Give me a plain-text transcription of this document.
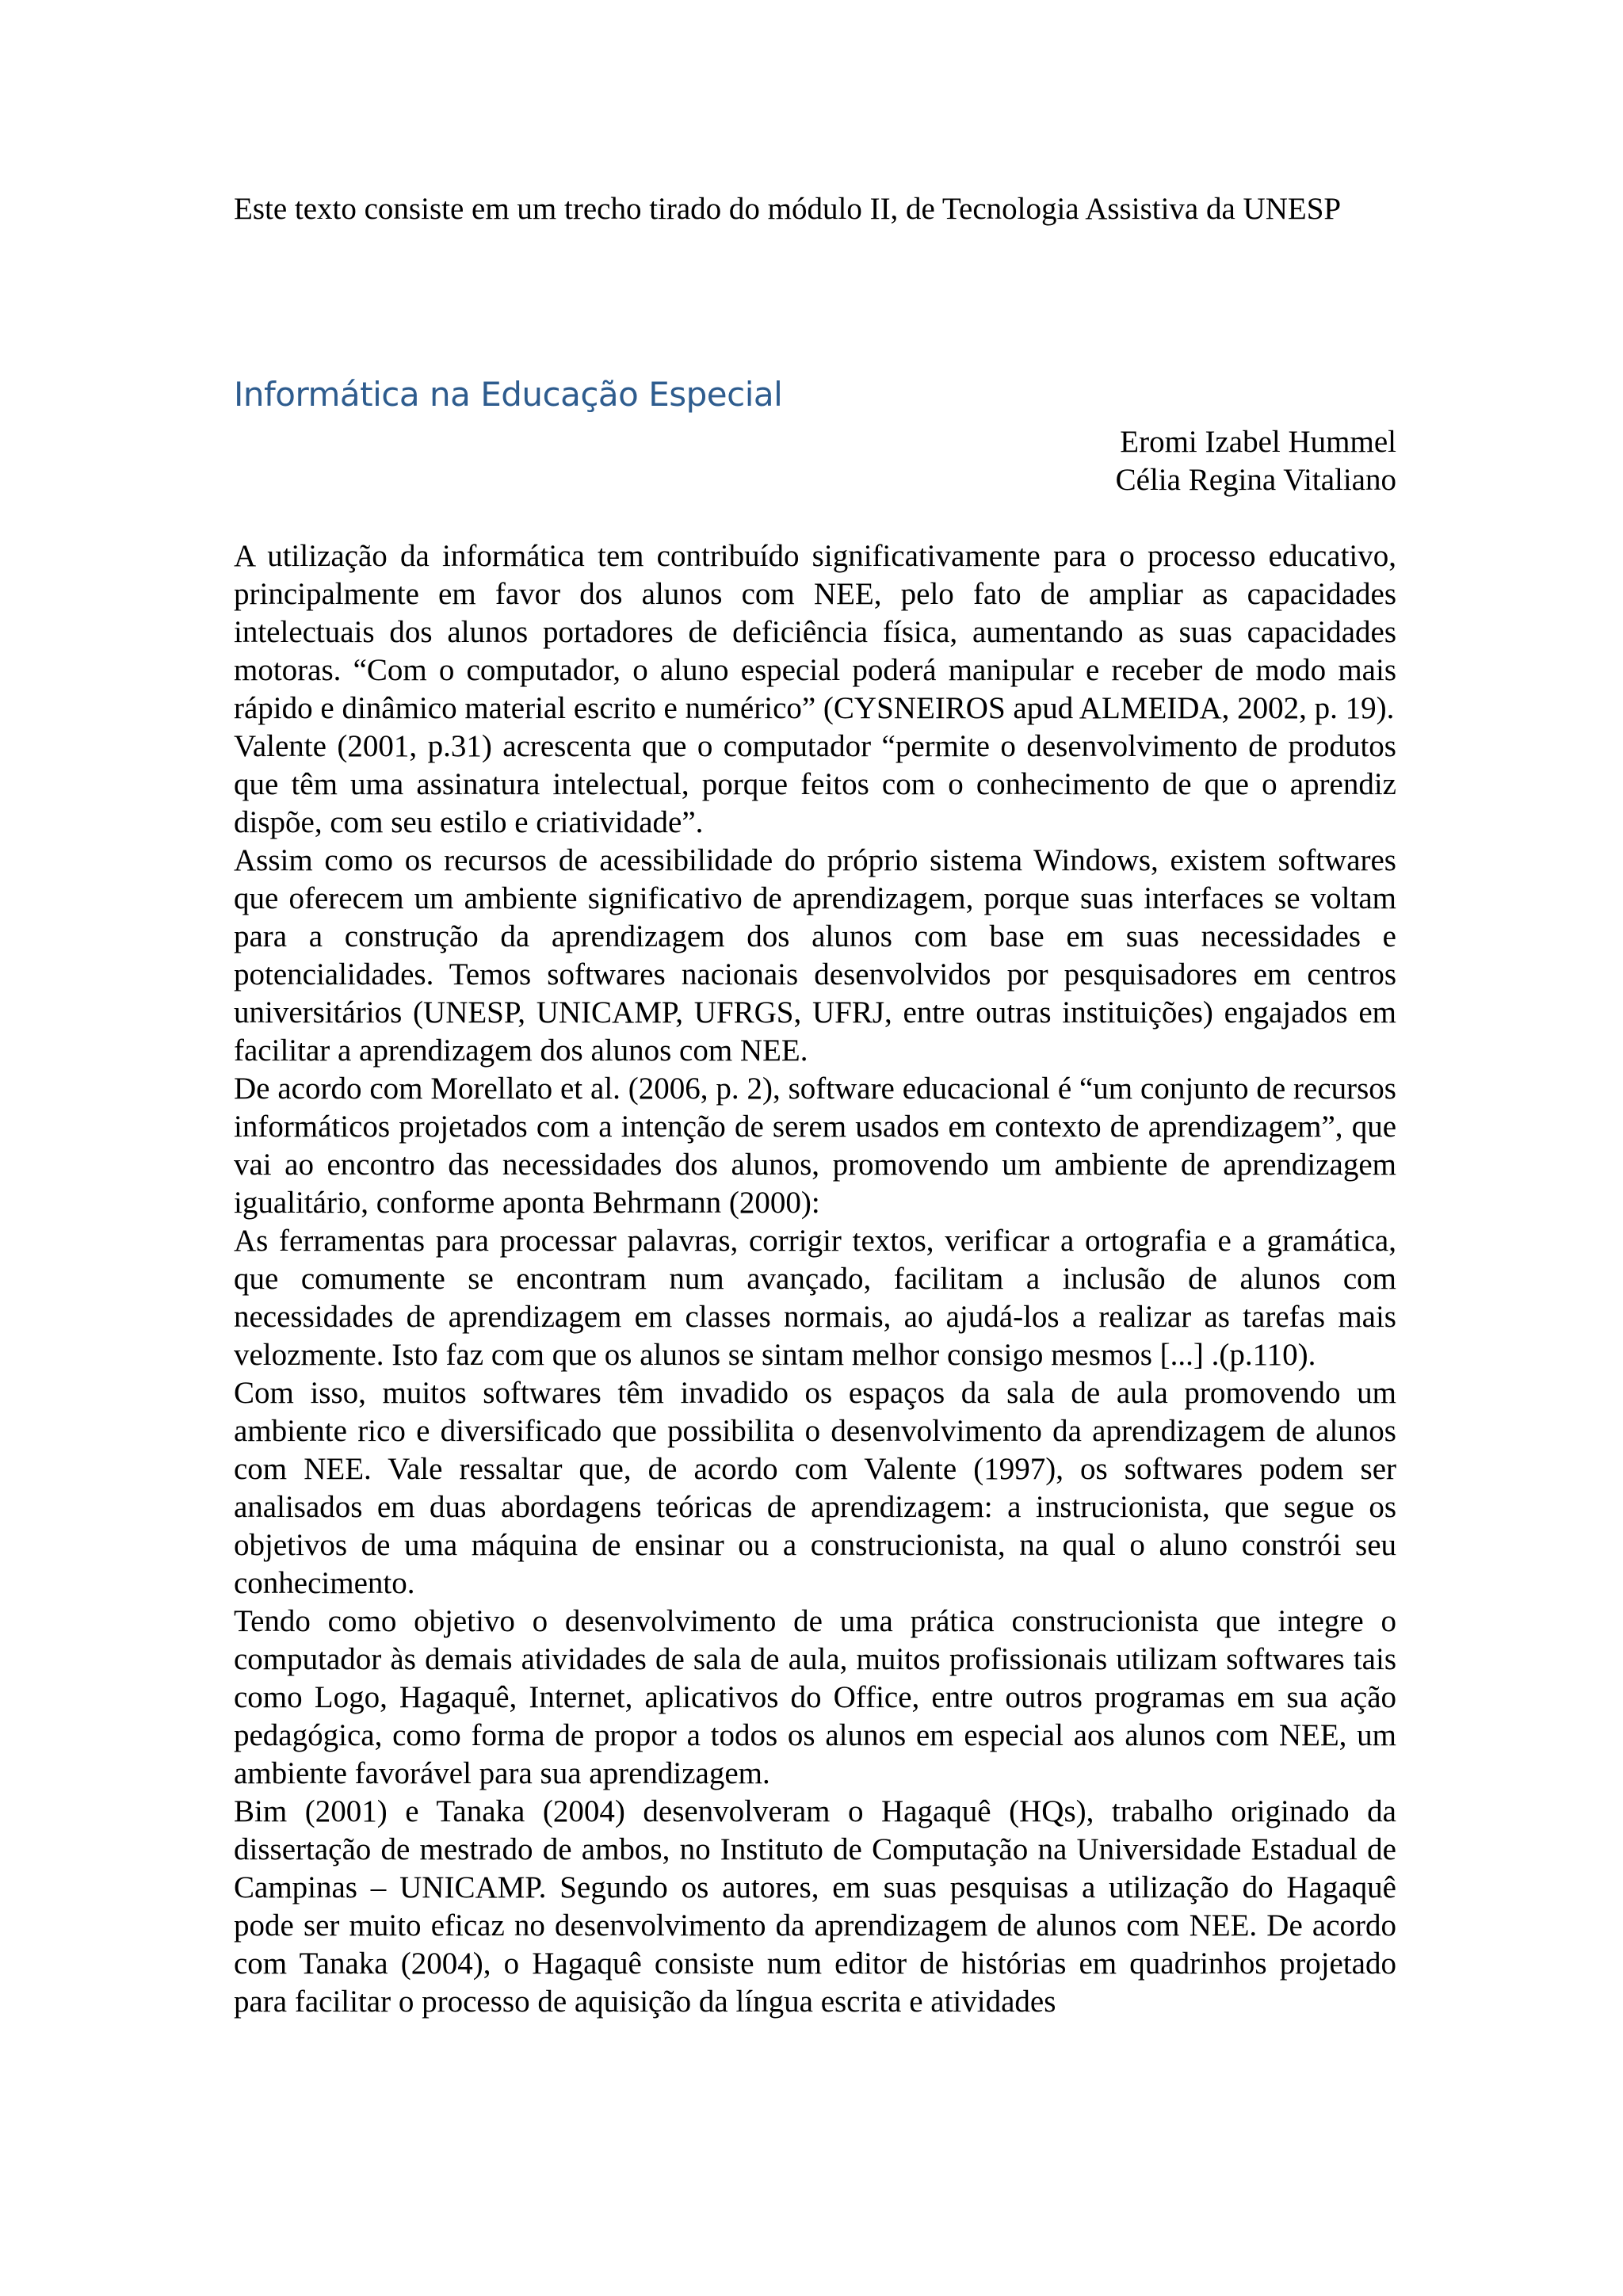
Este texto consiste em um trecho tirado do módulo II, de Tecnologia Assistiva da UNESP

Informática na Educação Especial
Eromi Izabel Hummel
Célia Regina Vitaliano

A utilização da informática tem contribuído significativamente para o processo educativo, principalmente em favor dos alunos com NEE, pelo fato de ampliar as capacidades intelectuais dos alunos portadores de deficiência física, aumentando as suas capacidades motoras. “Com o computador, o aluno especial poderá manipular e receber de modo mais rápido e dinâmico material escrito e numérico” (CYSNEIROS apud ALMEIDA, 2002, p. 19).

Valente (2001, p.31) acrescenta que o computador “permite o desenvolvimento de produtos que têm uma assinatura intelectual, porque feitos com o conhecimento de que o aprendiz dispõe, com seu estilo e criatividade”.

Assim como os recursos de acessibilidade do próprio sistema Windows, existem softwares que oferecem um ambiente significativo de aprendizagem, porque suas interfaces se voltam para a construção da aprendizagem dos alunos com base em suas necessidades e potencialidades. Temos softwares nacionais desenvolvidos por pesquisadores em centros universitários (UNESP, UNICAMP, UFRGS, UFRJ, entre outras instituições) engajados em facilitar a aprendizagem dos alunos com NEE.

De acordo com Morellato et al. (2006, p. 2), software educacional é “um conjunto de recursos informáticos projetados com a intenção de serem usados em contexto de aprendizagem”, que vai ao encontro das necessidades dos alunos, promovendo um ambiente de aprendizagem igualitário, conforme aponta Behrmann (2000):

As ferramentas para processar palavras, corrigir textos, verificar a ortografia e a gramática, que comumente se encontram num avançado, facilitam a inclusão de alunos com necessidades de aprendizagem em classes normais, ao ajudá-los a realizar as tarefas mais velozmente. Isto faz com que os alunos se sintam melhor consigo mesmos [...] .(p.110).

Com isso, muitos softwares têm invadido os espaços da sala de aula promovendo um ambiente rico e diversificado que possibilita o desenvolvimento da aprendizagem de alunos com NEE. Vale ressaltar que, de acordo com Valente (1997), os softwares podem ser analisados em duas abordagens teóricas de aprendizagem: a instrucionista, que segue os objetivos de uma máquina de ensinar ou a construcionista, na qual o aluno constrói seu conhecimento.

Tendo como objetivo o desenvolvimento de uma prática construcionista que integre o computador às demais atividades de sala de aula, muitos profissionais utilizam softwares tais como Logo, Hagaquê, Internet, aplicativos do Office, entre outros programas em sua ação pedagógica, como forma de propor a todos os alunos em especial aos alunos com NEE, um ambiente favorável para sua aprendizagem.

Bim (2001) e Tanaka (2004) desenvolveram o Hagaquê (HQs), trabalho originado da dissertação de mestrado de ambos, no Instituto de Computação na Universidade Estadual de Campinas – UNICAMP. Segundo os autores, em suas pesquisas a utilização do Hagaquê pode ser muito eficaz no desenvolvimento da aprendizagem de alunos com NEE. De acordo com Tanaka (2004), o Hagaquê consiste num editor de histórias em quadrinhos projetado para facilitar o processo de aquisição da língua escrita e atividades
